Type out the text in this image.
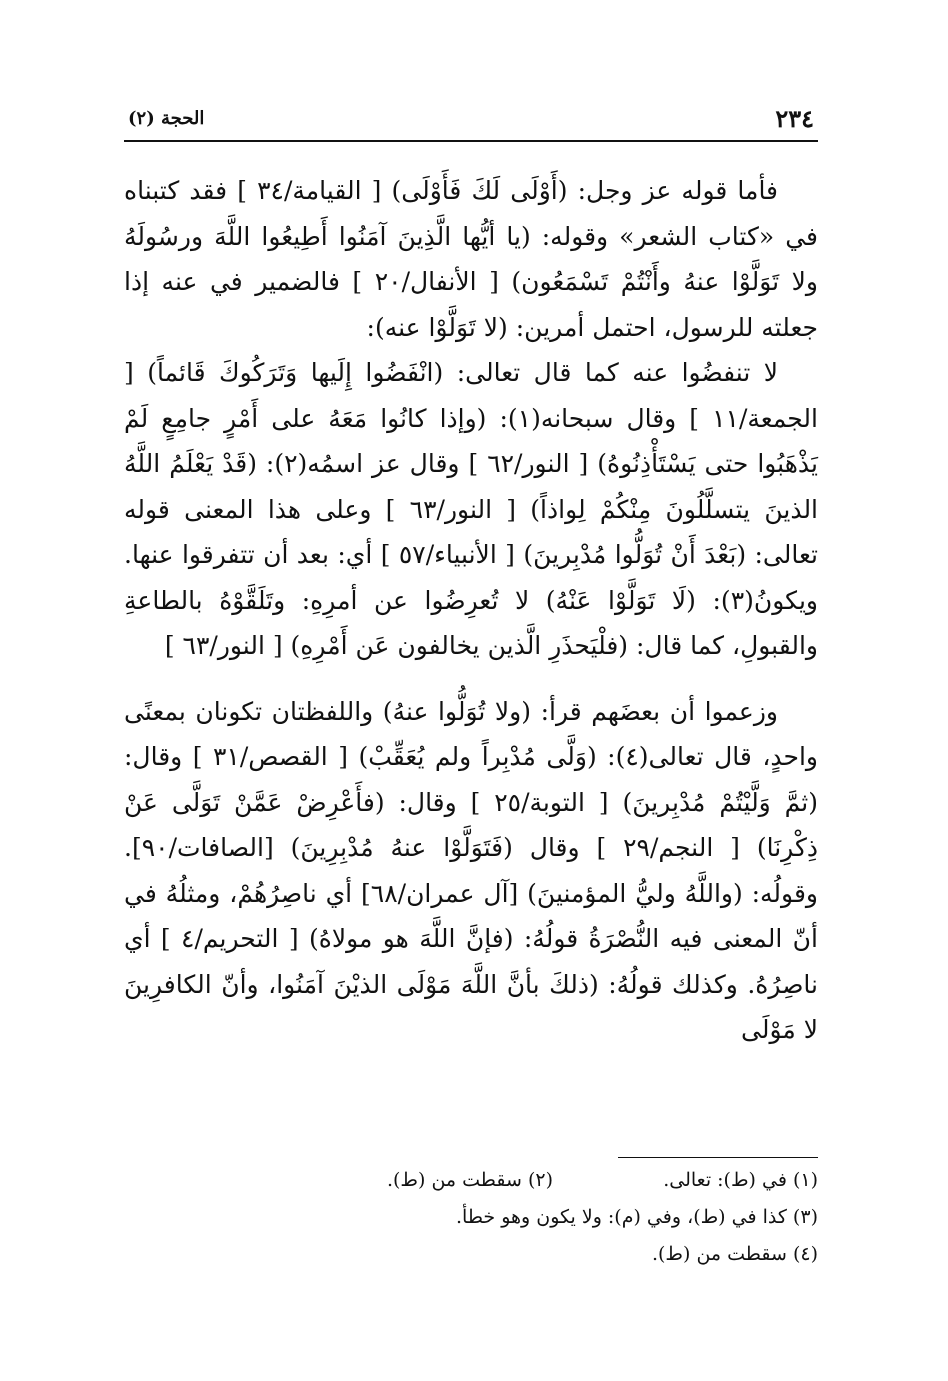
٢٣٤
الحجة (٢)

فأما قوله عز وجل: (أَوْلَى لَكَ فَأَوْلَى) [ القيامة/٣٤ ] فقد كتبناه في «كتاب الشعر» وقوله: (يا أيُّها الَّذِينَ آمَنُوا أَطِيعُوا اللَّهَ ورسُولَهُ ولا تَوَلَّوْا عنهُ وأَنْتُمْ تَسْمَعُون) [ الأنفال/٢٠ ] فالضمير في عنه إذا جعلته للرسول، احتمل أمرين: (لا تَوَلَّوْا عنه):

لا تنفضُوا عنه كما قال تعالى: (انْفَضُوا إِلَيها وَتَرَكُوكَ قَائماً) [ الجمعة/١١ ] وقال سبحانه(١): (وإذا كانُوا مَعَهُ على أَمْرٍ جامِعٍ لَمْ يَذْهَبُوا حتى يَسْتَأْذِنُوهُ) [ النور/٦٢ ] وقال عز اسمُه(٢): (قَدْ يَعْلَمُ اللَّهُ الذينَ يتسلَّلُونَ مِنْكُمْ لِواذاً) [ النور/٦٣ ] وعلى هذا المعنى قوله تعالى: (بَعْدَ أَنْ تُوَلُّوا مُدْبِرينَ) [ الأنبياء/٥٧ ] أي: بعد أن تتفرقوا عنها. ويكونُ(٣): (لَا تَوَلَّوْا عَنْهُ) لا تُعرِضُوا عن أمرِهِ: وتَلَقَّوْهُ بالطاعةِ والقبولِ، كما قال: (فلْيَحذَرِ الَّذين يخالفون عَن أَمْرِهِ) [ النور/٦٣ ]

وزعموا أن بعضَهم قرأ: (ولا تُوَلُّوا عنهُ) واللفظتان تكونان بمعنًى واحدٍ، قال تعالى(٤): (وَلَّى مُدْبِراً ولم يُعَقِّبْ) [ القصص/٣١ ] وقال: (ثمَّ وَلَّيْتُمْ مُدْبِرينَ) [ التوبة/٢٥ ] وقال: (فأَعْرِضْ عَمَّنْ تَوَلَّى عَنْ ذِكْرِنَا) [ النجم/٢٩ ] وقال (فَتَوَلَّوْا عنهُ مُدْبِرِينَ) [الصافات/٩٠]. وقولُه: (واللَّهُ وليُّ المؤمنينَ) [آل عمران/٦٨] أي ناصِرُهُمْ، ومثلُهُ في أنّ المعنى فيه النُّصْرَةُ قولُهُ: (فإنَّ اللَّهَ هو مولاهُ) [ التحريم/٤ ] أي ناصِرُهُ. وكذلك قولُهُ: (ذلكَ بأنَّ اللَّهَ مَوْلَى الذيْنَ آمَنُوا، وأنّ الكافرِينَ لا مَوْلَى

(١) في (ط): تعالى.
(٢) سقطت من (ط).
(٣) كذا في (ط)، وفي (م): ولا يكون وهو خطأ.
(٤) سقطت من (ط).
